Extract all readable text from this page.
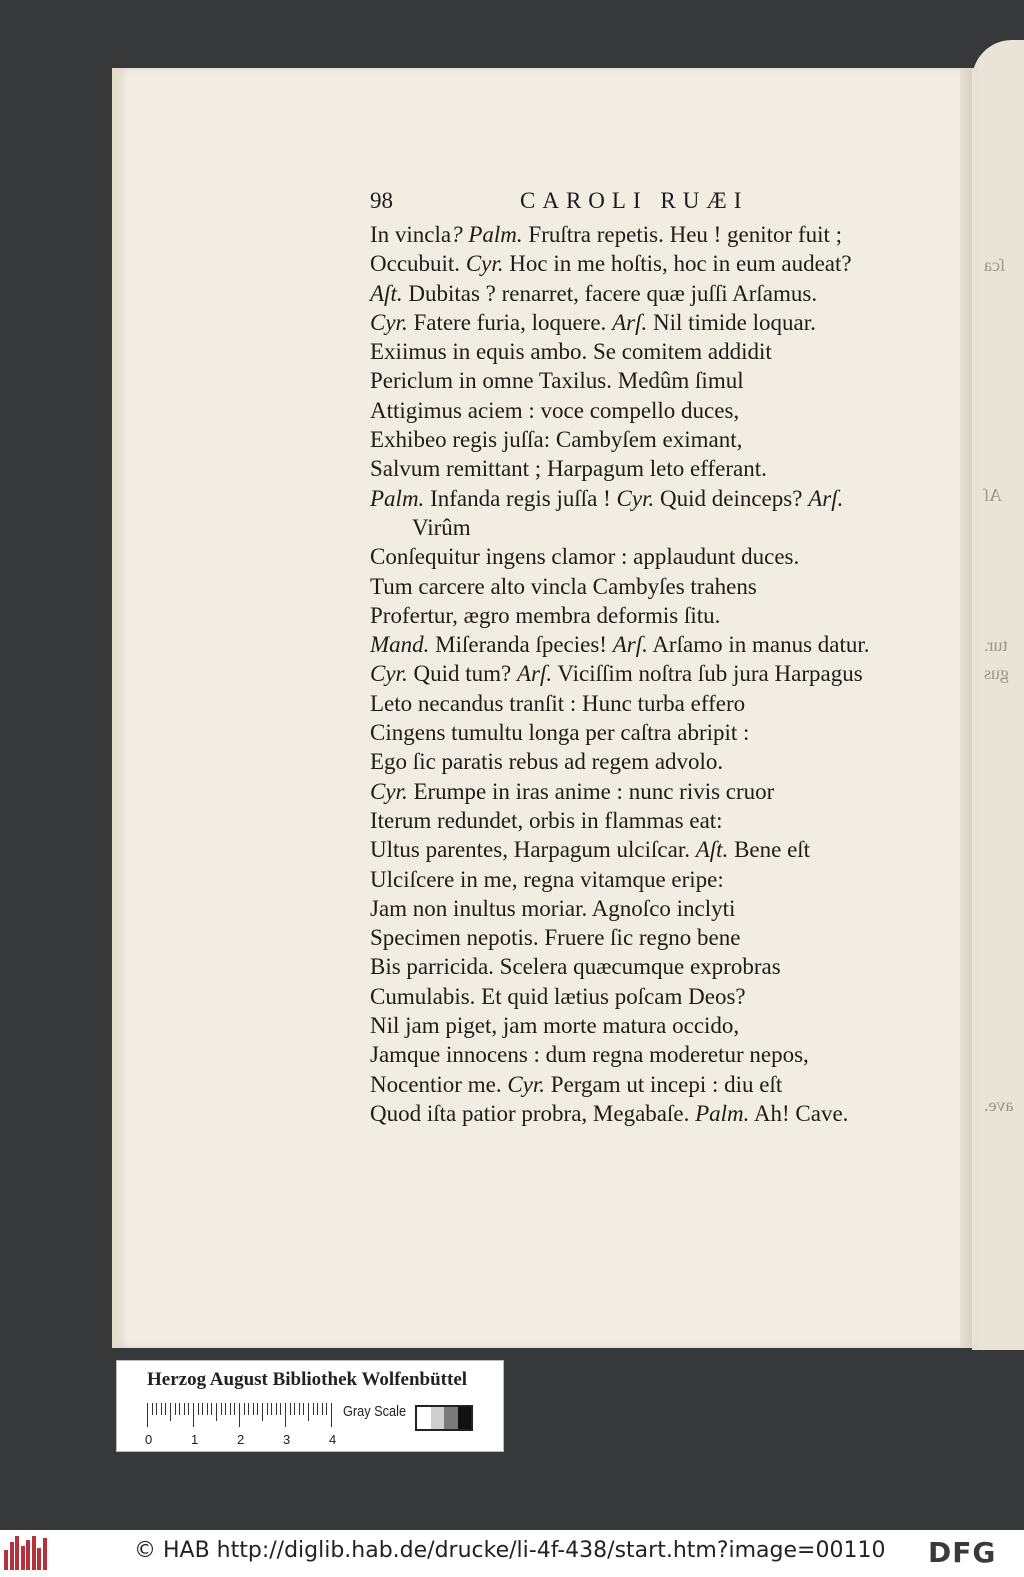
ſca
Aſ
tur.
gus
ave.
98	CAROLI RUÆI
In vincla? Palm. Fruſtra repetis. Heu ! genitor fuit ;
Occubuit. Cyr. Hoc in me hoſtis, hoc in eum audeat?
Aſt. Dubitas ? renarret, facere quæ juſſi Arſamus.
Cyr. Fatere furia, loquere. Arſ. Nil timide loquar.
Exiimus in equis ambo. Se comitem addidit
Periclum in omne Taxilus. Medûm ſimul
Attigimus aciem : voce compello duces,
Exhibeo regis juſſa: Cambyſem eximant,
Salvum remittant ; Harpagum leto efferant.
Palm. Infanda regis juſſa ! Cyr. Quid deinceps? Arſ.
Virûm
Conſequitur ingens clamor : applaudunt duces.
Tum carcere alto vincla Cambyſes trahens
Profertur, ægro membra deformis ſitu.
Mand. Miſeranda ſpecies! Arſ. Arſamo in manus datur.
Cyr. Quid tum? Arſ. Viciſſim noſtra ſub jura Harpagus
Leto necandus tranſit : Hunc turba effero
Cingens tumultu longa per caſtra abripit :
Ego ſic paratis rebus ad regem advolo.
Cyr. Erumpe in iras anime : nunc rivis cruor
Iterum redundet, orbis in flammas eat:
Ultus parentes, Harpagum ulciſcar. Aſt. Bene eſt
Ulciſcere in me, regna vitamque eripe:
Jam non inultus moriar. Agnoſco inclyti
Specimen nepotis. Fruere ſic regno bene
Bis parricida. Scelera quæcumque exprobras
Cumulabis. Et quid lætius poſcam Deos?
Nil jam piget, jam morte matura occido,
Jamque innocens : dum regna moderetur nepos,
Nocentior me. Cyr. Pergam ut incepi : diu eſt
Quod iſta patior probra, Megabaſe. Palm. Ah! Cave.
Herzog August Bibliothek Wolfenbüttel
0	1	2	3	4
Gray Scale
© HAB http://diglib.hab.de/drucke/li-4f-438/start.htm?image=00110 DFG
